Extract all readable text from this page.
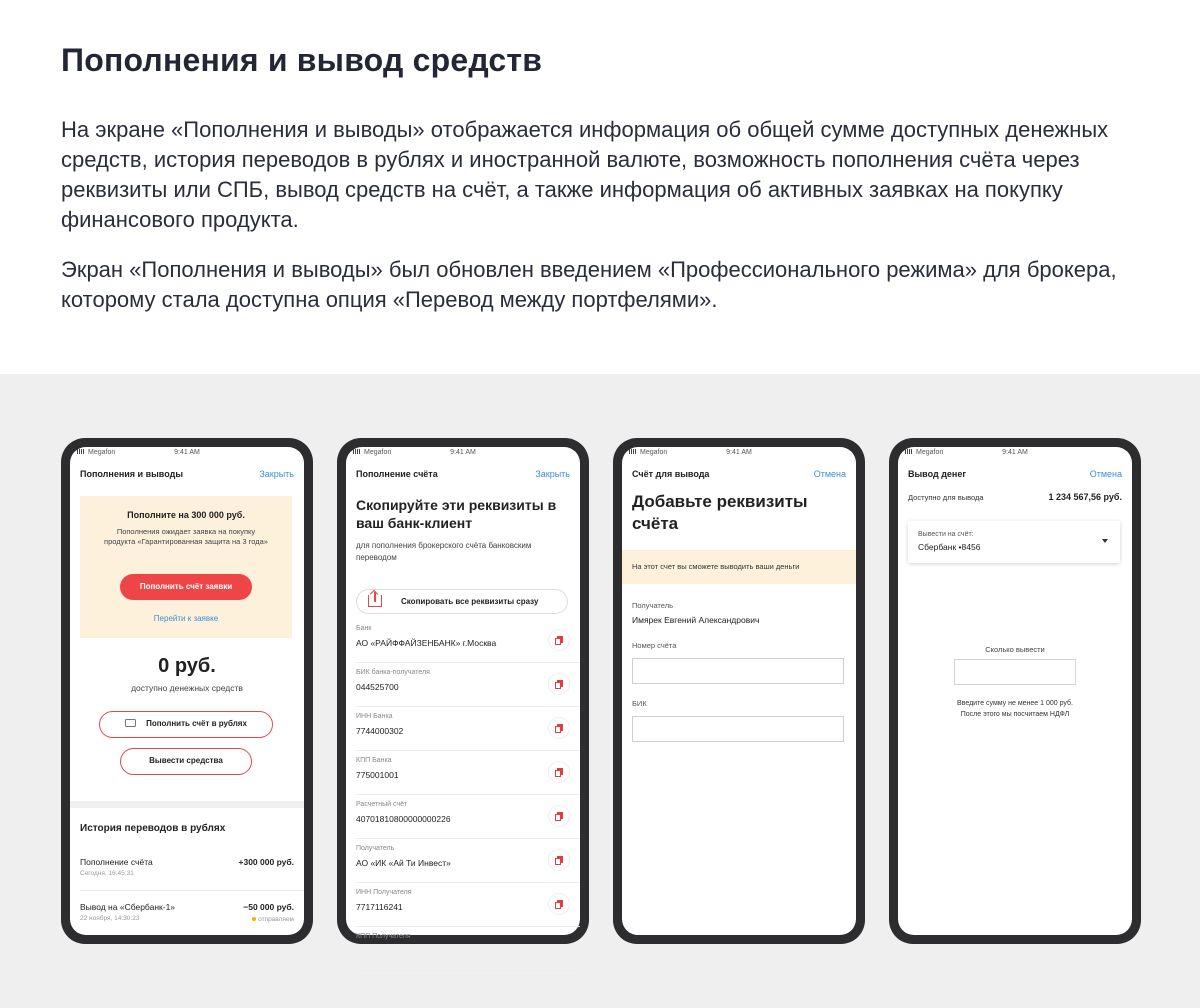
Пополнения и вывод средств

На экране «Пополнения и выводы» отображается информация об общей сумме доступных денежных средств, история переводов в рублях и иностранной валюте, возможность пополнения счёта через реквизиты или СПБ, вывод средств на счёт, а также информация об активных заявках на покупку финансового продукта.

Экран «Пополнения и выводы» был обновлен введением «Профессионального режима» для брокера, которому стала доступна опция «Перевод между портфелями».

Megafon	9:41 AM
Пополнения и выводы	Закрыть
Пополните на 300 000 руб.
Пополнения ожидает заявка на покупку продукта «Гарантированная защита на 3 года»
Пополнить счёт заявки
Перейти к заявке
0 руб.
доступно денежных средств
Пополнить счёт в рублях
Вывести средства
История переводов в рублях
Пополнение счёта
Сегодня, 16:45:31
+300 000 руб.
Вывод на «Сбербанк-1»
22 ноября, 14:30:23
−50 000 руб.
отправляем
Megafon	9:41 AM
Пополнение счёта	Закрыть
Скопируйте эти реквизиты в ваш банк-клиент
для пополнения брокерского счёта банковским переводом
Скопировать все реквизиты сразу
Банк
АО «РАЙФФАЙЗЕНБАНК» г.Москва
БИК банка-получателя
044525700
ИНН Банка
7744000302
КПП Банка
775001001
Расчетный счёт
40701810800000000226
Получатель
АО «ИК «Ай Ти Инвест»
ИНН Получателя
7717116241
КПП Получателя
Megafon	9:41 AM
Счёт для вывода	Отмена
Добавьте реквизиты счёта
На этот счет вы сможете выводить ваши деньги
Получатель
Имярек Евгений Александрович
Номер счёта
БИК
Megafon	9:41 AM
Вывод денег	Отмена
Доступно для вывода	1 234 567,56 руб.
Вывести на счёт:
Сбербанк •8456
Сколько вывести
Введите сумму не менее 1 000 руб.
После этого мы посчитаем НДФЛ
